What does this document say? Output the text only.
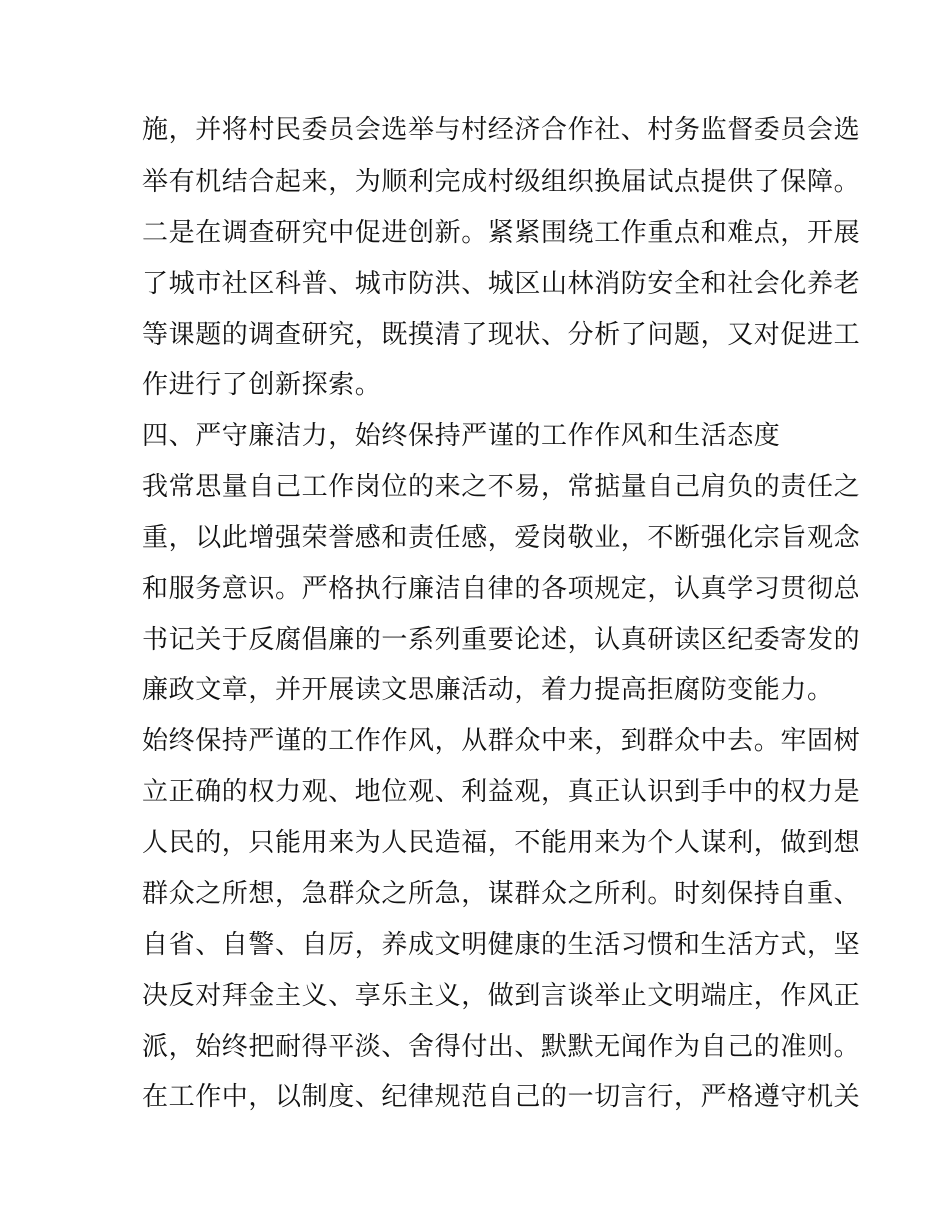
施，并将村民委员会选举与村经济合作社、村务监督委员会选
举有机结合起来，为顺利完成村级组织换届试点提供了保障。
二是在调查研究中促进创新。紧紧围绕工作重点和难点，开展
了城市社区科普、城市防洪、城区山林消防安全和社会化养老
等课题的调查研究，既摸清了现状、分析了问题，又对促进工
作进行了创新探索。
四、严守廉洁力，始终保持严谨的工作作风和生活态度
我常思量自己工作岗位的来之不易，常掂量自己肩负的责任之
重，以此增强荣誉感和责任感，爱岗敬业，不断强化宗旨观念
和服务意识。严格执行廉洁自律的各项规定，认真学习贯彻总
书记关于反腐倡廉的一系列重要论述，认真研读区纪委寄发的
廉政文章，并开展读文思廉活动，着力提高拒腐防变能力。
始终保持严谨的工作作风，从群众中来，到群众中去。牢固树
立正确的权力观、地位观、利益观，真正认识到手中的权力是
人民的，只能用来为人民造福，不能用来为个人谋利，做到想
群众之所想，急群众之所急，谋群众之所利。时刻保持自重、
自省、自警、自厉，养成文明健康的生活习惯和生活方式，坚
决反对拜金主义、享乐主义，做到言谈举止文明端庄，作风正
派，始终把耐得平淡、舍得付出、默默无闻作为自己的准则。
在工作中，以制度、纪律规范自己的一切言行，严格遵守机关
